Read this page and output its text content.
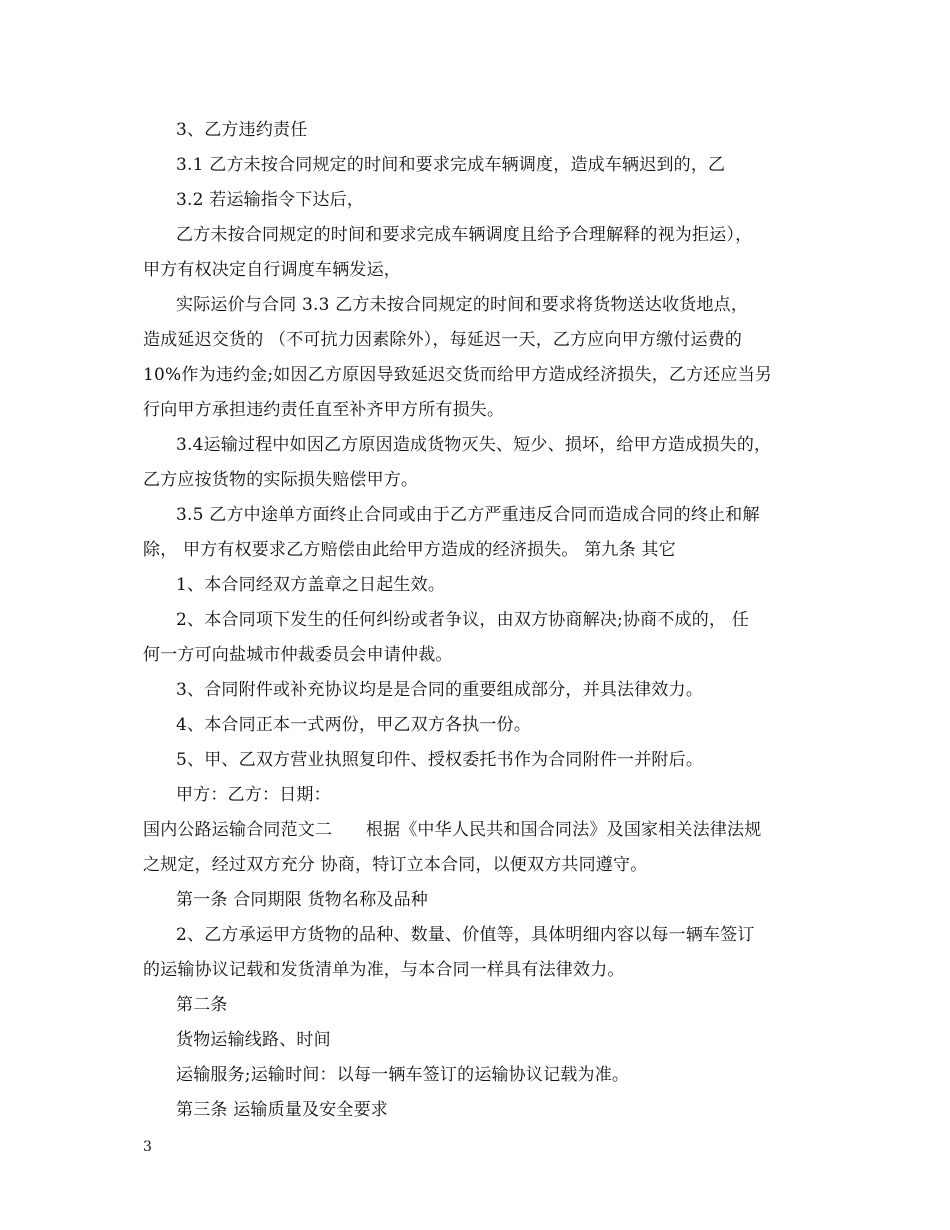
3、乙方违约责任
3.1 乙方未按合同规定的时间和要求完成车辆调度，造成车辆迟到的，乙
3.2 若运输指令下达后，
乙方未按合同规定的时间和要求完成车辆调度且给予合理解释的视为拒运），
甲方有权决定自行调度车辆发运，
实际运价与合同 3.3 乙方未按合同规定的时间和要求将货物送达收货地点，
造成延迟交货的 （不可抗力因素除外），每延迟一天，乙方应向甲方缴付运费的
10%作为违约金;如因乙方原因导致延迟交货而给甲方造成经济损失，乙方还应当另
行向甲方承担违约责任直至补齐甲方所有损失。
3.4运输过程中如因乙方原因造成货物灭失、短少、损坏，给甲方造成损失的，
乙方应按货物的实际损失赔偿甲方。
3.5 乙方中途单方面终止合同或由于乙方严重违反合同而造成合同的终止和解
除， 甲方有权要求乙方赔偿由此给甲方造成的经济损失。 第九条 其它
1、本合同经双方盖章之日起生效。
2、本合同项下发生的任何纠纷或者争议，由双方协商解决;协商不成的， 任
何一方可向盐城市仲裁委员会申请仲裁。
3、合同附件或补充协议均是是合同的重要组成部分，并具法律效力。
4、本合同正本一式两份，甲乙双方各执一份。
5、甲、乙双方营业执照复印件、授权委托书作为合同附件一并附后。
甲方：乙方：日期：
国内公路运输合同范文二      根据《中华人民共和国合同法》及国家相关法律法规
之规定，经过双方充分 协商，特订立本合同，以便双方共同遵守。
第一条 合同期限 货物名称及品种
2、乙方承运甲方货物的品种、数量、价值等，具体明细内容以每一辆车签订
的运输协议记载和发货清单为准，与本合同一样具有法律效力。
第二条
货物运输线路、时间
运输服务;运输时间：以每一辆车签订的运输协议记载为准。
第三条 运输质量及安全要求
3
